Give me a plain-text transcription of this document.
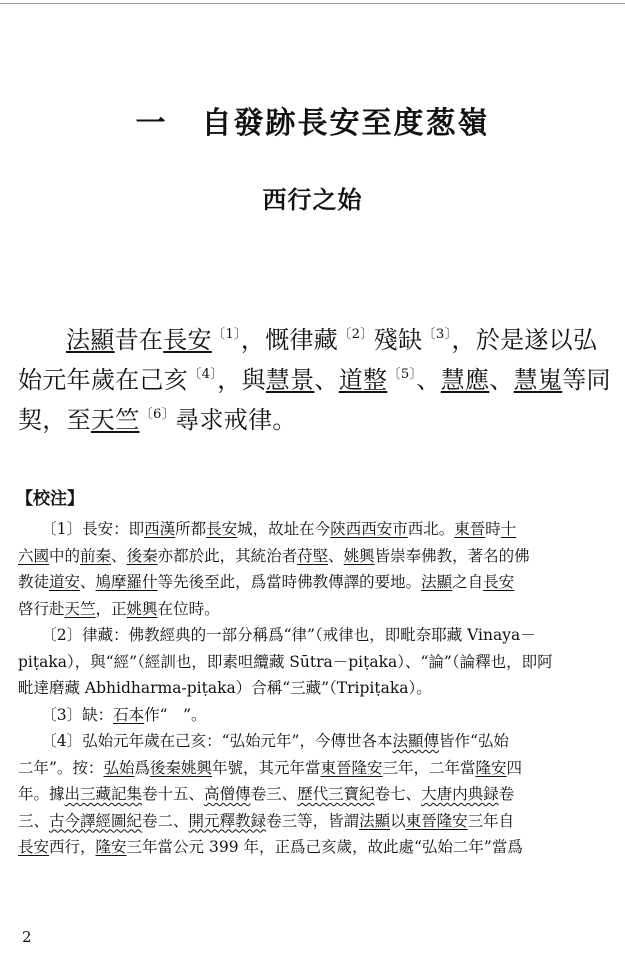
一 自發跡長安至度葱嶺
西行之始
法顯昔在長安$^{〔1〕}$，慨律藏$^{〔2〕}$殘缺$^{〔3〕}$，於是遂以弘
始元年歲在己亥$^{〔4〕}$，與慧景、道整$^{〔5〕}$、慧應、慧嵬等同
契，至天竺$^{〔6〕}$尋求戒律。
【校注】
〔1〕長安：即西漢所都長安城，故址在今陝西西安市西北。東晉時十
六國中的前秦、後秦亦都於此，其統治者苻堅、姚興皆崇奉佛教，著名的佛
教徒道安、鳩摩羅什等先後至此，爲當時佛教傳譯的要地。法顯之自長安
啓行赴天竺，正姚興在位時。
〔2〕律藏：佛教經典的一部分稱爲“律”（戒律也，即毗奈耶藏 Vinaya－
piṭaka），與“經”（經訓也，即素呾纜藏 Sūtra－piṭaka）、“論”（論釋也，即阿
毗達磨藏 Abhidharma-piṭaka）合稱“三藏”（Tripiṭaka）。
〔3〕缺：石本作“　”。
〔4〕弘始元年歲在己亥：“弘始元年”，今傳世各本法顯傳皆作“弘始
二年”。按：弘始爲後秦姚興年號，其元年當東晉隆安三年，二年當隆安四
年。據出三藏記集卷十五、高僧傳卷三、歷代三寶紀卷七、大唐内典録卷
三、古今譯經圖紀卷二、開元釋教録卷三等，皆謂法顯以東晉隆安三年自
長安西行，隆安三年當公元 399 年，正爲己亥歲，故此處“弘始二年”當爲
2
